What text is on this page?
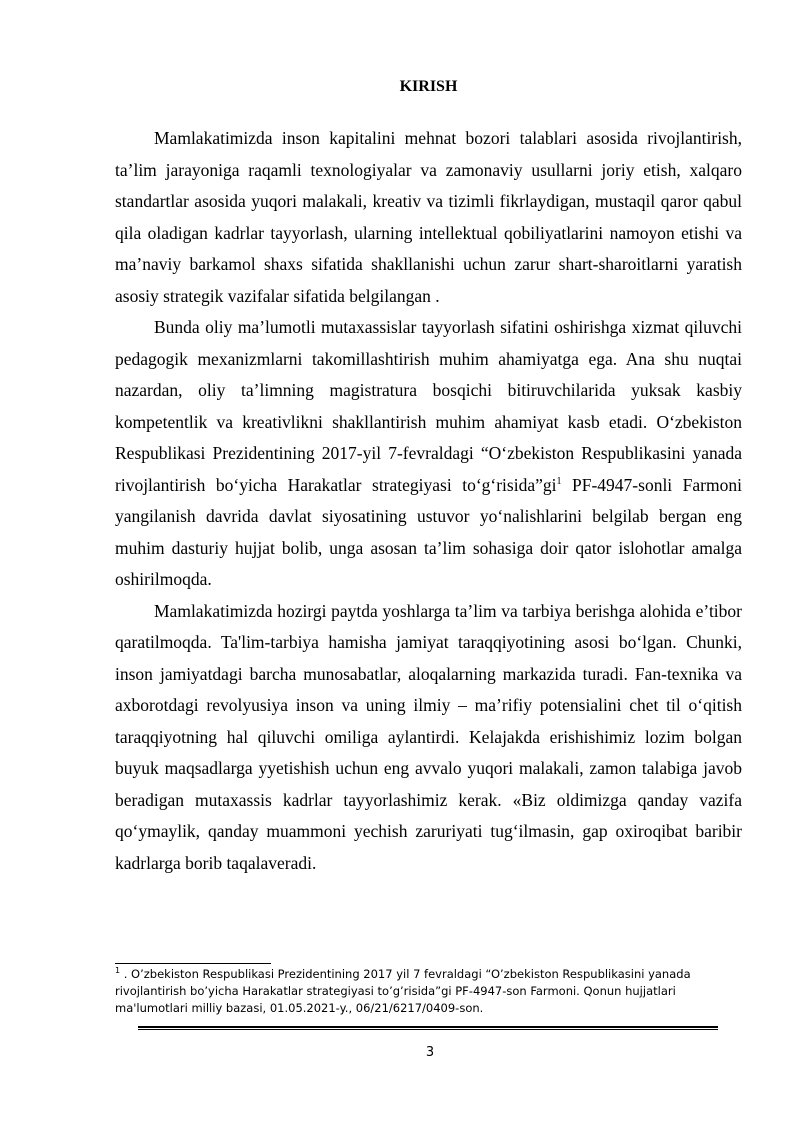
KIRISH

Mamlakatimizda inson kapitalini mehnat bozori talablari asosida rivojlantirish, ta’lim jarayoniga raqamli texnologiyalar va zamonaviy usullarni joriy etish, xalqaro standartlar asosida yuqori malakali, kreativ va tizimli fikrlaydigan, mustaqil qaror qabul qila oladigan kadrlar tayyorlash, ularning intellektual qobiliyatlarini namoyon etishi va ma’naviy barkamol shaxs sifatida shakllanishi uchun zarur shart-sharoitlarni yaratish asosiy strategik vazifalar sifatida belgilangan .

Bunda oliy ma’lumotli mutaxassislar tayyorlash sifatini oshirishga xizmat qiluvchi pedagogik mexanizmlarni takomillashtirish muhim ahamiyatga ega. Ana shu nuqtai nazardan, oliy ta’limning magistratura bosqichi bitiruvchilarida yuksak kasbiy kompetentlik va kreativlikni shakllantirish muhim ahamiyat kasb etadi. O‘zbekiston Respublikasi Prezidentining 2017-yil 7-fevraldagi “O‘zbekiston Respublikasini yanada rivojlantirish bo‘yicha Harakatlar strategiyasi $to‘g‘risida”gi^1$ PF-4947-sonli Farmoni yangilanish davrida davlat siyosatining ustuvor yo‘nalishlarini belgilab bergan eng muhim dasturiy hujjat bolib, unga asosan ta’lim sohasiga doir qator islohotlar amalga oshirilmoqda.

Mamlakatimizda hozirgi paytda yoshlarga ta’lim va tarbiya berishga alohida e’tibor qaratilmoqda. Ta'lim-tarbiya hamisha jamiyat taraqqiyotining asosi bo‘lgan. Chunki, inson jamiyatdagi barcha munosabatlar, aloqalarning markazida turadi. Fan-texnika va axborotdagi revolyusiya inson va uning ilmiy – ma’rifiy potensialini chet til o‘qitish taraqqiyotning hal qiluvchi omiliga aylantirdi. Kelajakda erishishimiz lozim bolgan buyuk maqsadlarga yyetishish uchun eng avvalo yuqori malakali, zamon talabiga javob beradigan mutaxassis kadrlar tayyorlashimiz kerak. «Biz oldimizga qanday vazifa qo‘ymaylik, qanday muammoni yechish zaruriyati tug‘ilmasin, gap oxiroqibat baribir kadrlarga borib taqalaveradi.

$^1$ . O’zbekiston Respublikasi Prezidentining 2017 yil 7 fevraldagi “O’zbekiston Respublikasini yanada rivojlantirish bo’yicha Harakatlar strategiyasi to’g’risida”gi PF-4947-son Farmoni. Qonun hujjatlari ma'lumotlari milliy bazasi, 01.05.2021-y., 06/21/6217/0409-son.
3
